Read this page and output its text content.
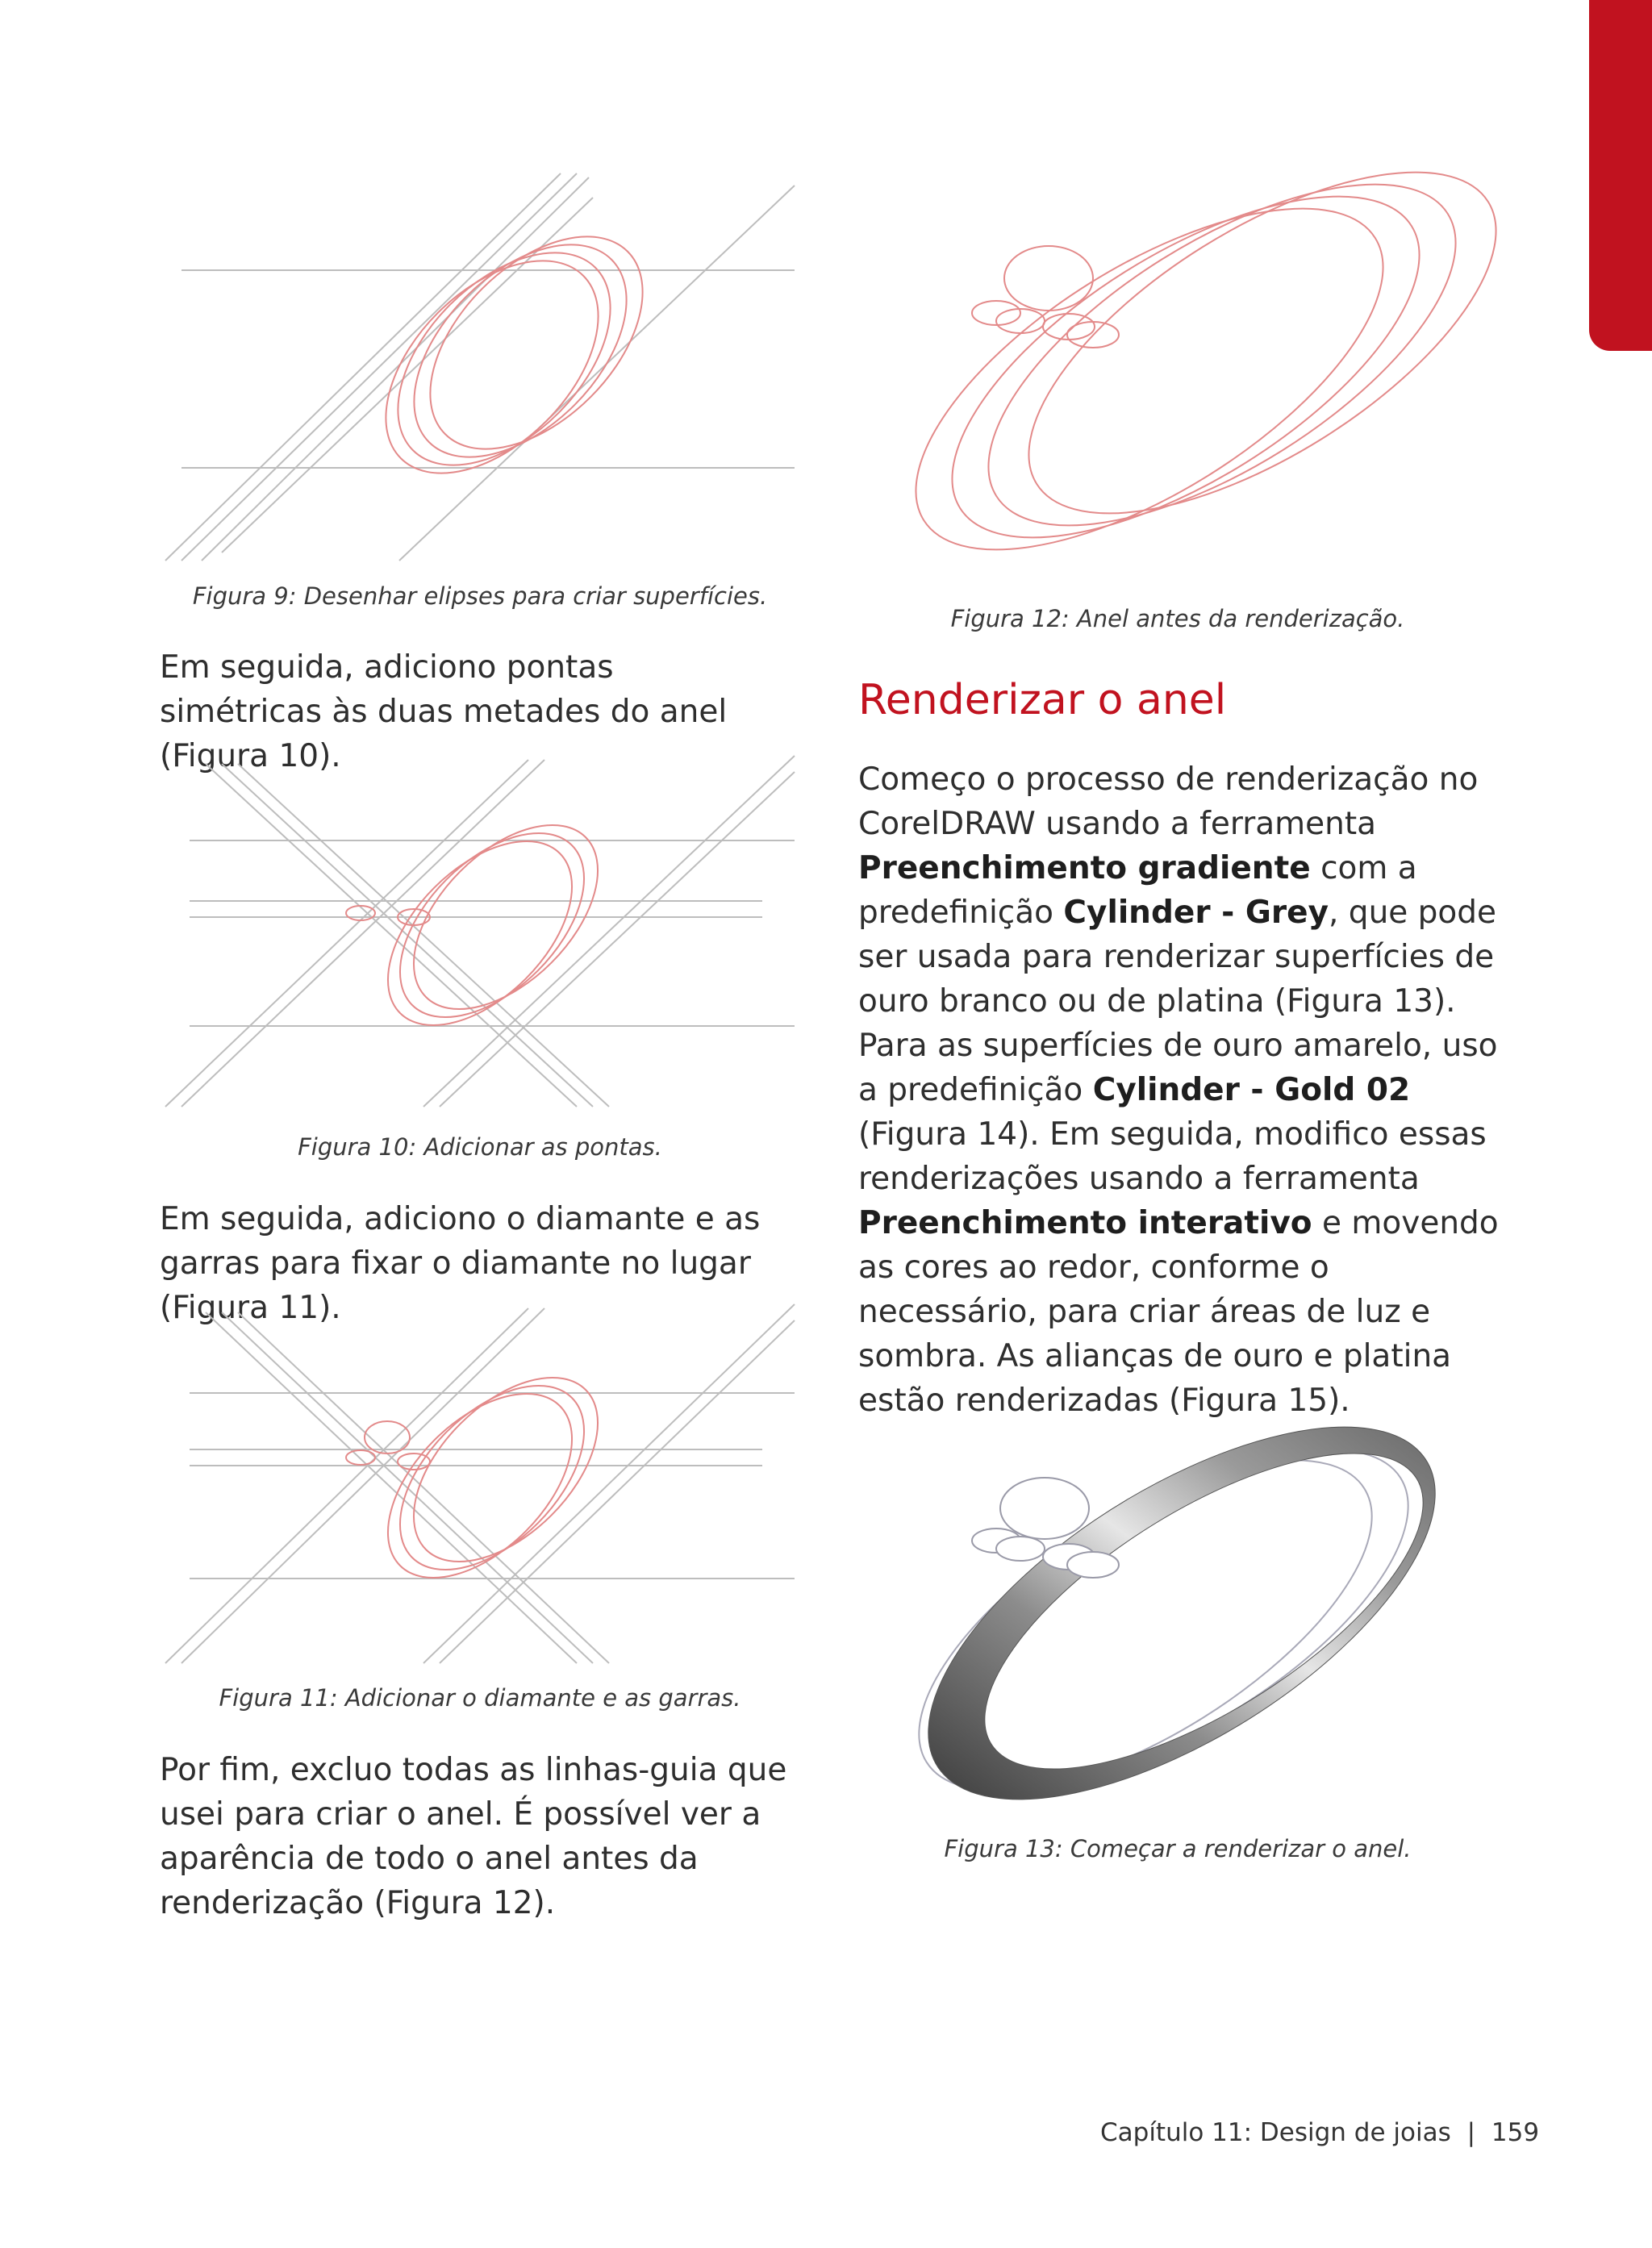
Figura 9: Desenhar elipses para criar superfícies.

Em seguida, adiciono pontas simétricas às duas metades do anel (Figura 10).

Figura 10: Adicionar as pontas.

Em seguida, adiciono o diamante e as garras para fixar o diamante no lugar (Figura 11).

Figura 11: Adicionar o diamante e as garras.

Por fim, excluo todas as linhas-guia que usei para criar o anel. É possível ver a aparência de todo o anel antes da renderização (Figura 12).

Figura 12: Anel antes da renderização.
Renderizar o anel

Começo o processo de renderização no CorelDRAW usando a ferramenta Preenchimento gradiente com a predefinição Cylinder - Grey, que pode ser usada para renderizar superfícies de ouro branco ou de platina (Figura 13). Para as superfícies de ouro amarelo, uso a predefinição Cylinder - Gold 02 (Figura 14). Em seguida, modifico essas renderizações usando a ferramenta Preenchimento interativo e movendo as cores ao redor, conforme o necessário, para criar áreas de luz e sombra. As alianças de ouro e platina estão renderizadas (Figura 15).

Figura 13: Começar a renderizar o anel.
Capítulo 11: Design de joias | 159
